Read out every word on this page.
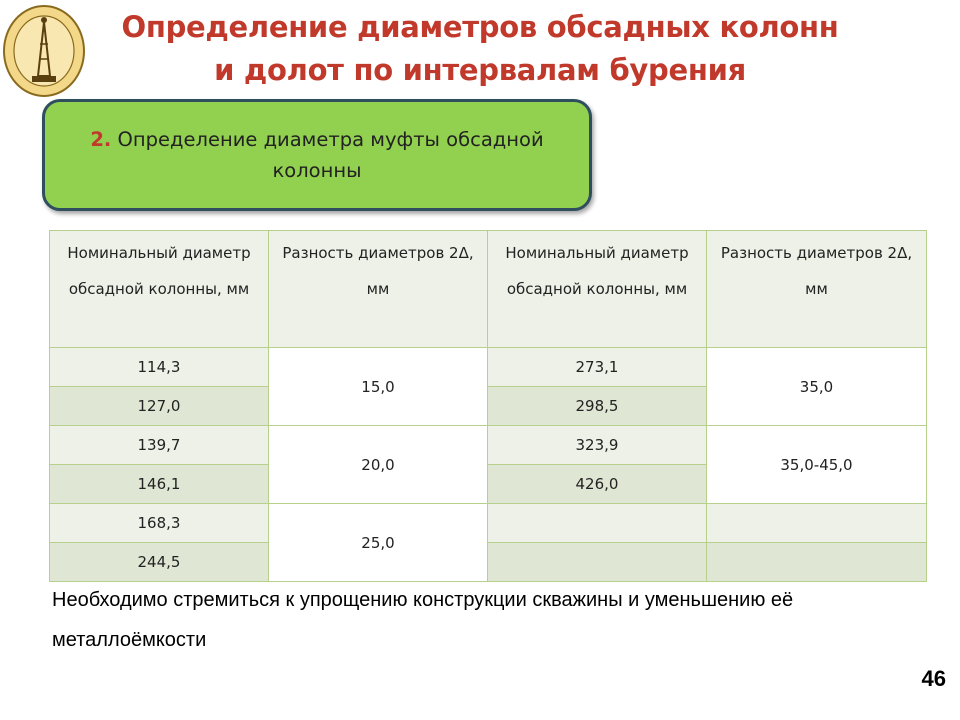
Определение диаметров обсадных колонн
и долот по интервалам бурения
2. Определение диаметра муфты обсадной колонны
Номинальный диаметр обсадной колонны, мм	Разность диаметров 2Δ, мм	Номинальный диаметр обсадной колонны, мм	Разность диаметров 2Δ, мм
114,3	15,0	273,1	35,0
127,0		298,5	
139,7	20,0	323,9	35,0-45,0
146,1		426,0	
168,3	25,0		
244,5			
Необходимо стремиться к упрощению конструкции скважины и уменьшению её металлоёмкости
46
